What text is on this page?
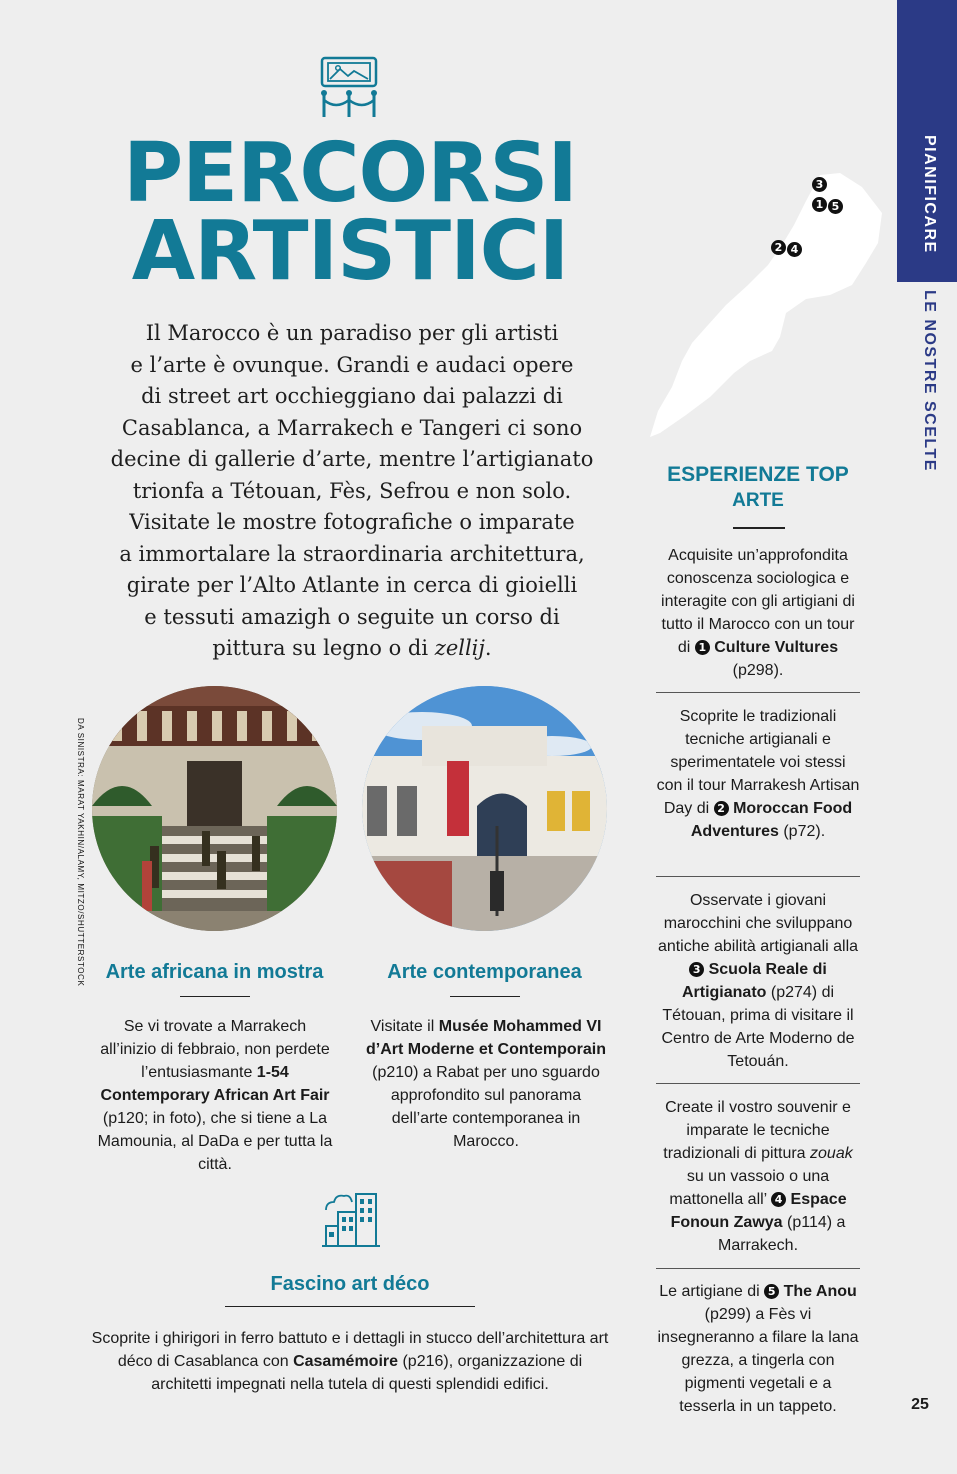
PERCORSI
ARTISTICI
Il Marocco è un paradiso per gli artisti
e l’arte è ovunque. Grandi e audaci opere
di street art occhieggiano dai palazzi di
Casablanca, a Marrakech e Tangeri ci sono
decine di gallerie d’arte, mentre l’artigianato
trionfa a Tétouan, Fès, Sefrou e non solo.
Visitate le mostre fotografiche o imparate
a immortalare la straordinaria architettura,
girate per l’Alto Atlante in cerca di gioielli
e tessuti amazigh o seguite un corso di
pittura su legno o di zellij.
PIANIFICARE
LE NOSTRE SCELTE
3
1 5
2 4
ESPERIENZE TOP
ARTE
Acquisite un’approfondita conoscenza sociologica e interagite con gli artigiani di tutto il Marocco con un tour di 1 Culture Vultures (p298).
Scoprite le tradizionali tecniche artigianali e sperimentatele voi stessi con il tour Marrakesh Artisan Day di 2 Moroccan Food Adventures (p72).
Osservate i giovani marocchini che sviluppano antiche abilità artigianali alla 3 Scuola Reale di Artigianato (p274) di Tétouan, prima di visitare il Centro de Arte Moderno de Tetouán.
Create il vostro souvenir e imparate le tecniche tradizionali di pittura zouak su un vassoio o una mattonella all’ 4 Espace Fonoun Zawya (p114) a Marrakech.
Le artigiane di 5 The Anou (p299) a Fès vi insegneranno a filare la lana grezza, a tingerla con pigmenti vegetali e a tesserla in un tappeto.
DA SINISTRA: MARAT YAKHIN/ALAMY, MITZO/SHUTTERSTOCK	Arte africana in mostra
Se vi trovate a Marrakech all’inizio di febbraio, non perdete l’entusiasmante 1-54 Contemporary African Art Fair (p120; in foto), che si tiene a La Mamounia, al DaDa e per tutta la città.
Arte contemporanea
Visitate il Musée Mohammed VI d’Art Moderne et Contemporain (p210) a Rabat per uno sguardo approfondito sul panorama dell’arte contemporanea in Marocco.
Fascino art déco
Scoprite i ghirigori in ferro battuto e i dettagli in stucco dell’architettura art déco di Casablanca con Casamémoire (p216), organizzazione di architetti impegnati nella tutela di questi splendidi edifici.
25
